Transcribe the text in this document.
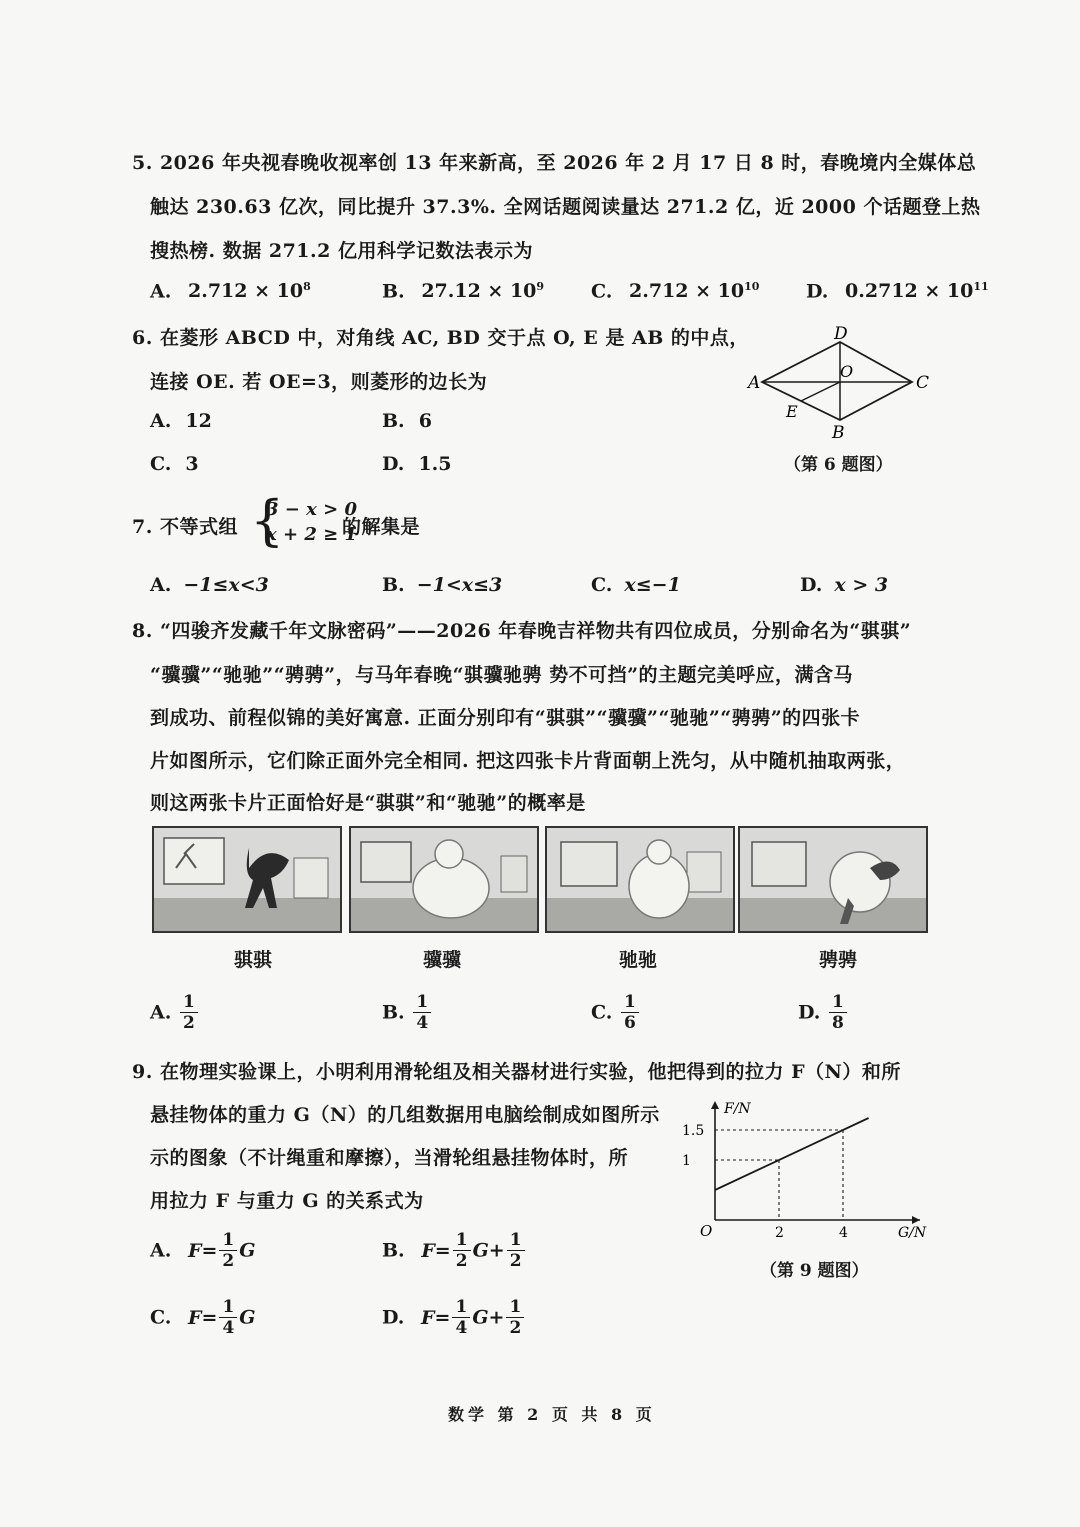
5. 2026 年央视春晚收视率创 13 年来新高，至 2026 年 2 月 17 日 8 时，春晚境内全媒体总
触达 230.63 亿次，同比提升 37.3%. 全网话题阅读量达 271.2 亿，近 2000 个话题登上热
搜热榜. 数据 271.2 亿用科学记数法表示为
A. $2.712 \times 10^8$	B. $27.12 \times 10^9$ C. $2.712 \times 10^{10}$ D. $0.2712 \times 10^{11}$
6. 在菱形 ABCD 中，对角线 AC, BD 交于点 O, E 是 AB 的中点，
连接 OE. 若 OE=3，则菱形的边长为
A. 12	B. 6
C. 3	D. 1.5
A
D
C
B
O
E
（第 6 题图）
7. 不等式组 {
3 − x > 0
x + 2 ≥ 1
的解集是
A. −1≤x<3	B. −1<x≤3	C. x≤−1	D. x > 3
8. “四骏齐发藏千年文脉密码”——2026 年春晚吉祥物共有四位成员，分别命名为“骐骐”
“骥骥”“驰驰”“骋骋”，与马年春晚“骐骥驰骋 势不可挡”的主题完美呼应，满含马
到成功、前程似锦的美好寓意. 正面分别印有“骐骐”“骥骥”“驰驰”“骋骋”的四张卡
片如图所示，它们除正面外完全相同. 把这四张卡片背面朝上洗匀，从中随机抽取两张，
则这两张卡片正面恰好是“骐骐”和“驰驰”的概率是
骐骐	骥骥	驰驰	骋骋
A. $\frac{1}{2}$	B. $\frac{1}{4}$	C. $\frac{1}{6}$	D. $\frac{1}{8}$
9. 在物理实验课上，小明利用滑轮组及相关器材进行实验，他把得到的拉力 F（N）和所
悬挂物体的重力 G（N）的几组数据用电脑绘制成如图所示
示的图象（不计绳重和摩擦），当滑轮组悬挂物体时，所
用拉力 F 与重力 G 的关系式为
1.5
1
2	4
F/N
G/N
O
（第 9 题图）
A. $F= \frac{1}{2}$ G	B. $F= \frac{1}{2} G+ \frac{1}{2}$
C. $F= \frac{1}{4}$ G	D. $F= \frac{1}{4} G+ \frac{1}{2}$
数学 第 2 页 共 8 页
